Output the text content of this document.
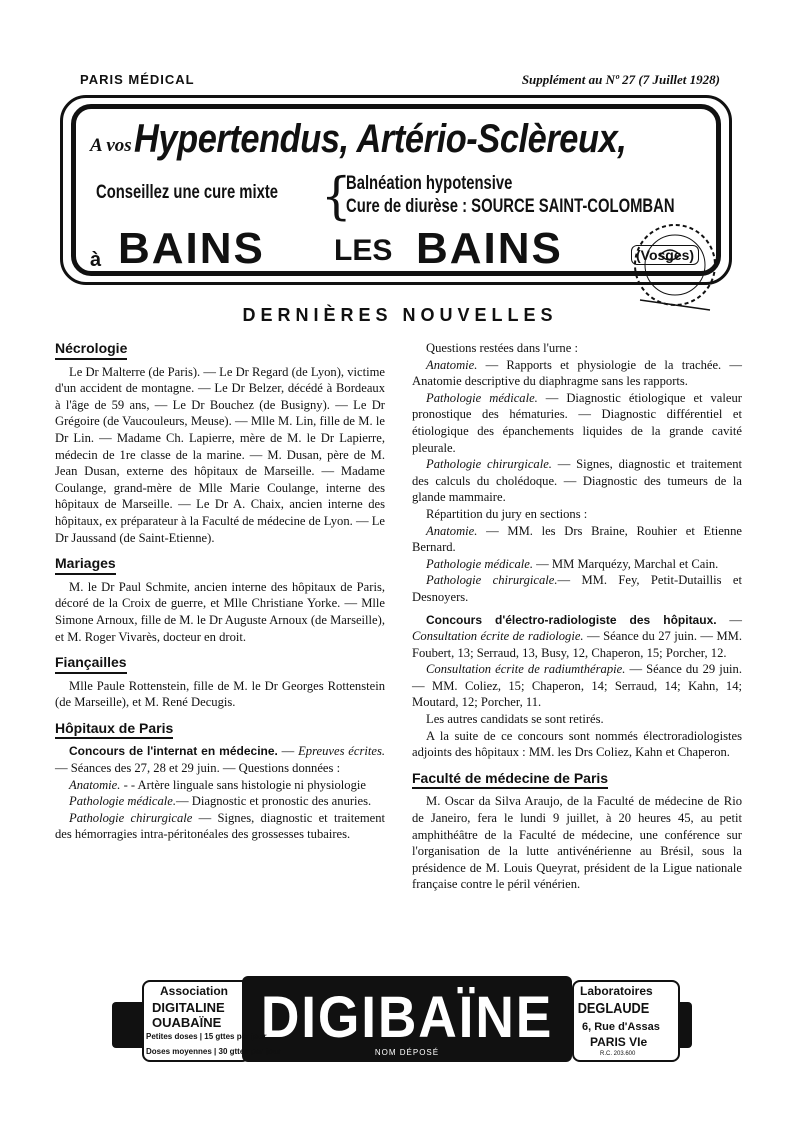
PARIS MÉDICAL	Supplément au Nº 27 (7 Juillet 1928)
A vos Hypertendus, Artério-Sclèreux,
Conseillez une cure mixte {
Balnéation hypotensive
Cure de diurèse : SOURCE SAINT-COLOMBAN
à BAINS LES BAINS	(Vosges)
DERNIÈRES NOUVELLES
Nécrologie

Le Dr Malterre (de Paris). — Le Dr Regard (de Lyon), victime d'un accident de montagne. — Le Dr Belzer, décédé à Bordeaux à l'âge de 59 ans, — Le Dr Bouchez (de Busigny). — Le Dr Grégoire (de Vaucouleurs, Meuse). — Mlle M. Lin, fille de M. le Dr Lin. — Madame Ch. Lapierre, mère de M. le Dr Lapierre, médecin de 1re classe de la marine. — M. Dusan, père de M. Jean Dusan, externe des hôpitaux de Marseille. — Madame Coulange, grand-mère de Mlle Marie Coulange, interne des hôpitaux de Marseille. — Le Dr A. Chaix, ancien interne des hôpitaux, ex préparateur à la Faculté de médecine de Lyon. — Le Dr Jaussand (de Saint-Etienne).

Mariages

M. le Dr Paul Schmite, ancien interne des hôpitaux de Paris, décoré de la Croix de guerre, et Mlle Christiane Yorke. — Mlle Simone Arnoux, fille de M. le Dr Auguste Arnoux (de Marseille), et M. Roger Vivarès, docteur en droit.

Fiançailles

Mlle Paule Rottenstein, fille de M. le Dr Georges Rottenstein (de Marseille), et M. René Decugis.

Hôpitaux de Paris

Concours de l'internat en médecine. — Epreuves écrites. — Séances des 27, 28 et 29 juin. — Questions données :

Anatomie. - - Artère linguale sans histologie ni physiologie

Pathologie médicale.— Diagnostic et pronostic des anuries.

Pathologie chirurgicale — Signes, diagnostic et traitement des hémorragies intra-péritonéales des grossesses tubaires.

Questions restées dans l'urne :

Anatomie. — Rapports et physiologie de la trachée. — Anatomie descriptive du diaphragme sans les rapports.

Pathologie médicale. — Diagnostic étiologique et valeur pronostique des hématuries. — Diagnostic différentiel et étiologique des épanchements liquides de la grande cavité pleurale.

Pathologie chirurgicale. — Signes, diagnostic et traitement des calculs du cholédoque. — Diagnostic des tumeurs de la glande mammaire.

Répartition du jury en sections :

Anatomie. — MM. les Drs Braine, Rouhier et Etienne Bernard.

Pathologie médicale. — MM Marquézy, Marchal et Cain.

Pathologie chirurgicale.— MM. Fey, Petit-Dutaillis et Desnoyers.

Concours d'électro-radiologiste des hôpitaux. — Consultation écrite de radiologie. — Séance du 27 juin. — MM. Foubert, 13; Serraud, 13, Busy, 12, Chaperon, 15; Porcher, 12.

Consultation écrite de radiumthérapie. — Séance du 29 juin. — MM. Coliez, 15; Chaperon, 14; Serraud, 14; Kahn, 14; Moutard, 12; Porcher, 11.

Les autres candidats se sont retirés.

A la suite de ce concours sont nommés électroradiologistes adjoints des hôpitaux : MM. les Drs Coliez, Kahn et Chaperon.

Faculté de médecine de Paris

M. Oscar da Silva Araujo, de la Faculté de médecine de Rio de Janeiro, fera le lundi 9 juillet, à 20 heures 45, au petit amphithéâtre de la Faculté de médecine, une conférence sur l'organisation de la lutte antivénérienne au Brésil, sous la présidence de M. Louis Queyrat, président de la Ligue nationale française contre le péril vénérien.

DIGIBAÏNE
NOM DÉPOSÉ
Association
DIGITALINE
OUABAÏNE
Petites doses | 15 gttes par jour
Doses moyennes | 30 gttes par jour
Laboratoires
DEGLAUDE
6, Rue d'Assas
PARIS VIe
R.C. 203.600
